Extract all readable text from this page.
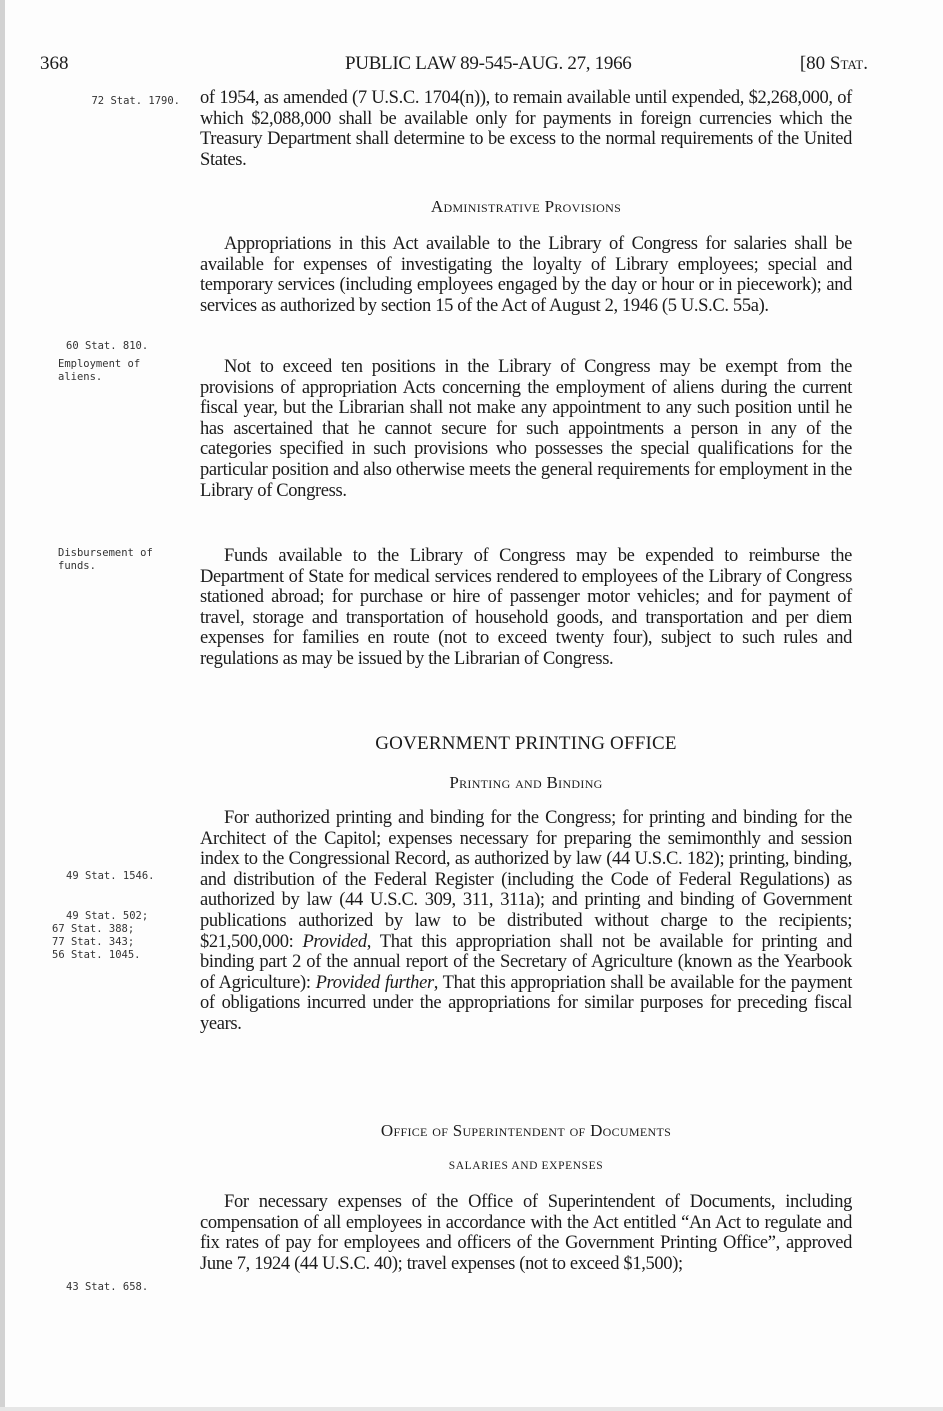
368	PUBLIC LAW 89-545-AUG. 27, 1966	[80 Stat.
72 Stat. 1790.
60 Stat. 810.
Employment of aliens.
Disbursement of funds.
49 Stat. 1546.
49 Stat. 502;
67 Stat. 388;
77 Stat. 343;
56 Stat. 1045.
43 Stat. 658.

of 1954, as amended (7 U.S.C. 1704(n)), to remain available until expended, $2,268,000, of which $2,088,000 shall be available only for payments in foreign currencies which the Treasury Department shall determine to be excess to the normal requirements of the United States.

Administrative Provisions

Appropriations in this Act available to the Library of Congress for salaries shall be available for expenses of investigating the loyalty of Library employees; special and temporary services (including employees engaged by the day or hour or in piecework); and services as authorized by section 15 of the Act of August 2, 1946 (5 U.S.C. 55a).

Not to exceed ten positions in the Library of Congress may be exempt from the provisions of appropriation Acts concerning the employment of aliens during the current fiscal year, but the Librarian shall not make any appointment to any such position until he has ascertained that he cannot secure for such appointments a person in any of the categories specified in such provisions who possesses the special qualifications for the particular position and also otherwise meets the general requirements for employment in the Library of Congress.

Funds available to the Library of Congress may be expended to reimburse the Department of State for medical services rendered to employees of the Library of Congress stationed abroad; for purchase or hire of passenger motor vehicles; and for payment of travel, storage and transportation of household goods, and transportation and per diem expenses for families en route (not to exceed twenty four), subject to such rules and regulations as may be issued by the Librarian of Congress.

GOVERNMENT PRINTING OFFICE
Printing and Binding

For authorized printing and binding for the Congress; for printing and binding for the Architect of the Capitol; expenses necessary for preparing the semimonthly and session index to the Congressional Record, as authorized by law (44 U.S.C. 182); printing, binding, and distribution of the Federal Register (including the Code of Federal Regulations) as authorized by law (44 U.S.C. 309, 311, 311a); and printing and binding of Government publications authorized by law to be distributed without charge to the recipients; $21,500,000: Provided, That this appropriation shall not be available for printing and binding part 2 of the annual report of the Secretary of Agriculture (known as the Yearbook of Agriculture): Provided further, That this appropriation shall be available for the payment of obligations incurred under the appropriations for similar purposes for preceding fiscal years.

Office of Superintendent of Documents
SALARIES AND EXPENSES

For necessary expenses of the Office of Superintendent of Documents, including compensation of all employees in accordance with the Act entitled “An Act to regulate and fix rates of pay for employees and officers of the Government Printing Office”, approved June 7, 1924 (44 U.S.C. 40); travel expenses (not to exceed $1,500);
